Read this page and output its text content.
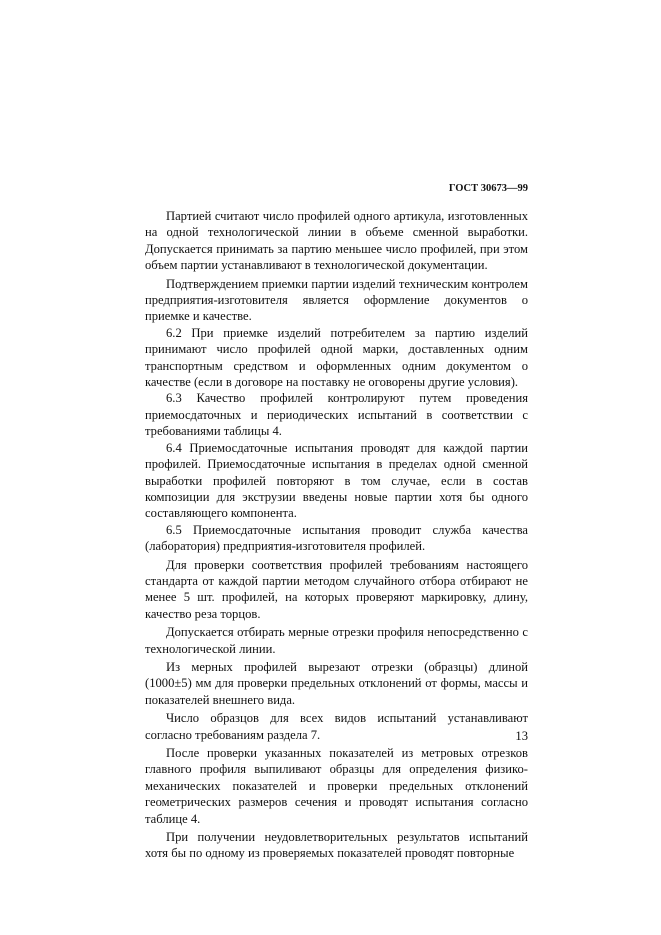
ГОСТ 30673—99

Партией считают число профилей одного артикула, изготовленных на одной технологической линии в объеме сменной выработки. Допускается принимать за партию меньшее число профилей, при этом объем партии устанавливают в технологической документации.

Подтверждением приемки партии изделий техническим контролем предприятия-изготовителя является оформление документов о приемке и качестве.

6.2 При приемке изделий потребителем за партию изделий принимают число профилей одной марки, доставленных одним транспортным средством и оформленных одним документом о качестве (если в договоре на поставку не оговорены другие условия).

6.3 Качество профилей контролируют путем проведения приемосдаточных и периодических испытаний в соответствии с требованиями таблицы 4.

6.4 Приемосдаточные испытания проводят для каждой партии профилей. Приемосдаточные испытания в пределах одной сменной выработки профилей повторяют в том случае, если в состав композиции для экструзии введены новые партии хотя бы одного составляющего компонента.

6.5 Приемосдаточные испытания проводит служба качества (лаборатория) предприятия-изготовителя профилей.

Для проверки соответствия профилей требованиям настоящего стандарта от каждой партии методом случайного отбора отбирают не менее 5 шт. профилей, на которых проверяют маркировку, длину, качество реза торцов.

Допускается отбирать мерные отрезки профиля непосредственно с технологической линии.

Из мерных профилей вырезают отрезки (образцы) длиной (1000±5) мм для проверки предельных отклонений от формы, массы и показателей внешнего вида.

Число образцов для всех видов испытаний устанавливают согласно требованиям раздела 7.

После проверки указанных показателей из метровых отрезков главного профиля выпиливают образцы для определения физико-механических показателей и проверки предельных отклонений геометрических размеров сечения и проводят испытания согласно таблице 4.

При получении неудовлетворительных результатов испытаний хотя бы по одному из проверяемых показателей проводят повторные

13
